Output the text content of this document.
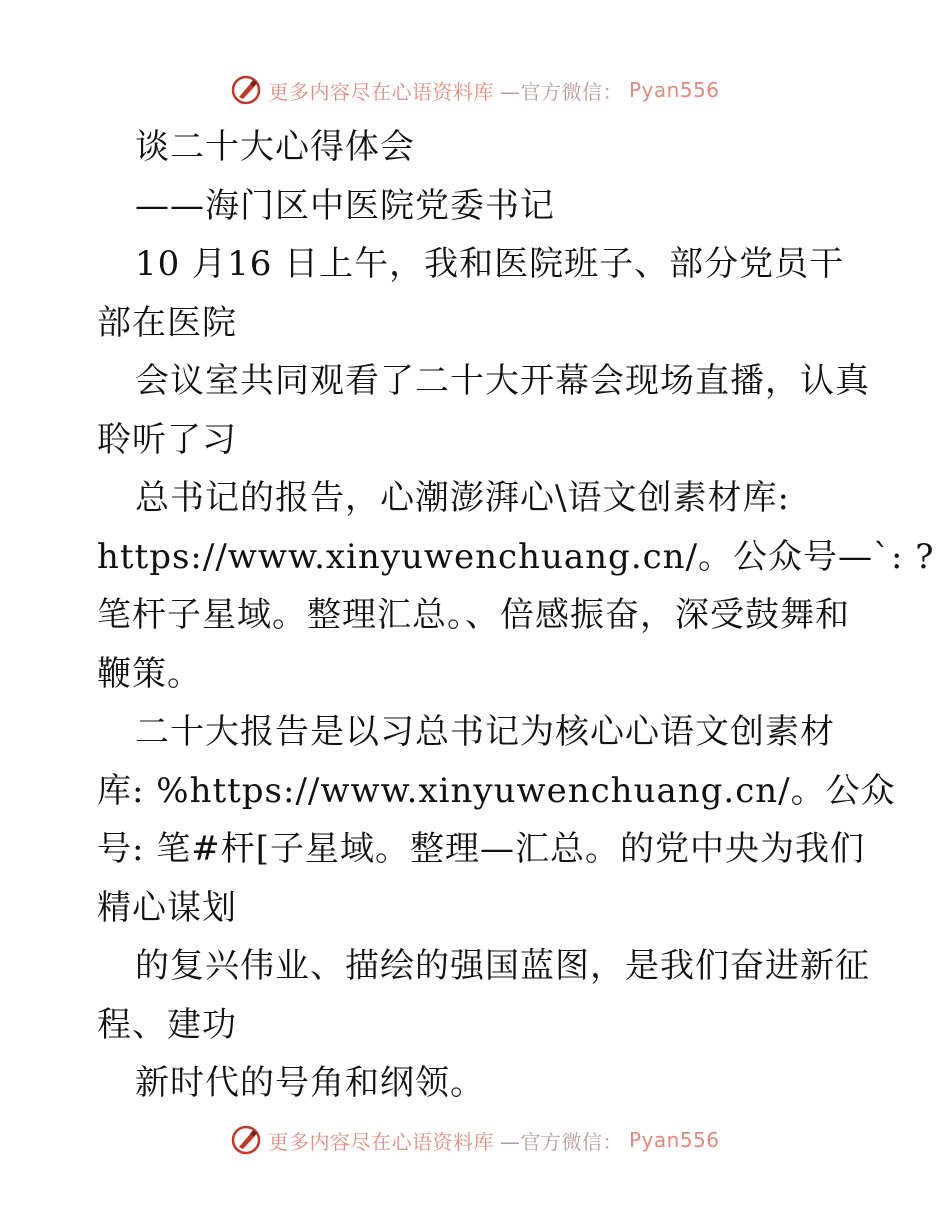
更多内容尽在心语资料库 —官方微信： Pyan556
谈二十大心得体会
——海门区中医院党委书记
10 月16 日上午，我和医院班子、部分党员干
部在医院
会议室共同观看了二十大开幕会现场直播，认真
聆听了习
总书记的报告，心潮澎湃心\语文创素材库:
https://www.xinyuwenchuang.cn/。公众号—`: ?
笔杆子星域。整理汇总。、倍感振奋，深受鼓舞和
鞭策。
二十大报告是以习总书记为核心心语文创素材
库: %https://www.xinyuwenchuang.cn/。公众
号: 笔#杆[子星域。整理—汇总。的党中央为我们
精心谋划
的复兴伟业、描绘的强国蓝图，是我们奋进新征
程、建功
新时代的号角和纲领。
更多内容尽在心语资料库 —官方微信： Pyan556
